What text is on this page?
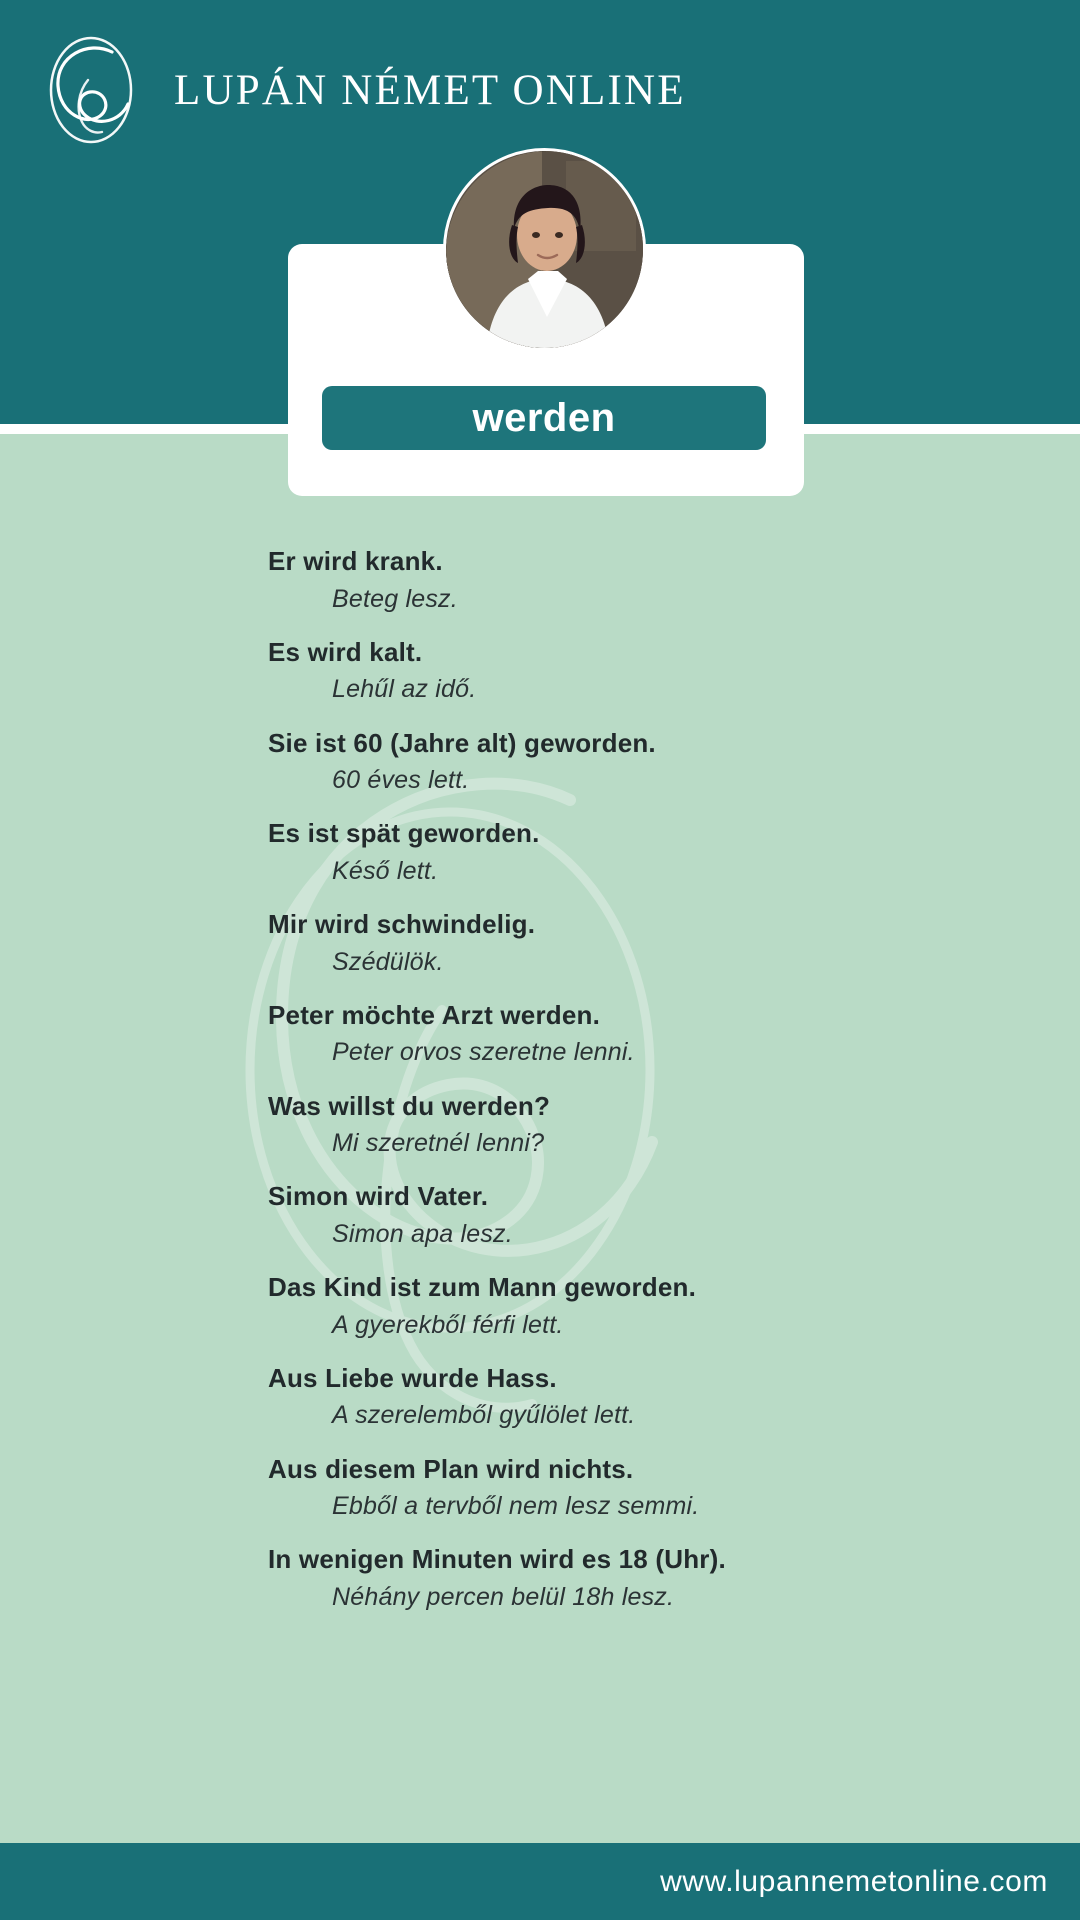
LUPÁN NÉMET ONLINE
werden
Er wird krank.
Beteg lesz.
Es wird kalt.
Lehűl az idő.
Sie ist 60 (Jahre alt) geworden.
60 éves lett.
Es ist spät geworden.
Késő lett.
Mir wird schwindelig.
Szédülök.
Peter möchte Arzt werden.
Peter orvos szeretne lenni.
Was willst du werden?
Mi szeretnél lenni?
Simon wird Vater.
Simon apa lesz.
Das Kind ist zum Mann geworden.
A gyerekből férfi lett.
Aus Liebe wurde Hass.
A szerelemből gyűlölet lett.
Aus diesem Plan wird nichts.
Ebből a tervből nem lesz semmi.
In wenigen Minuten wird es 18 (Uhr).
Néhány percen belül 18h lesz.
www.lupannemetonline.com
